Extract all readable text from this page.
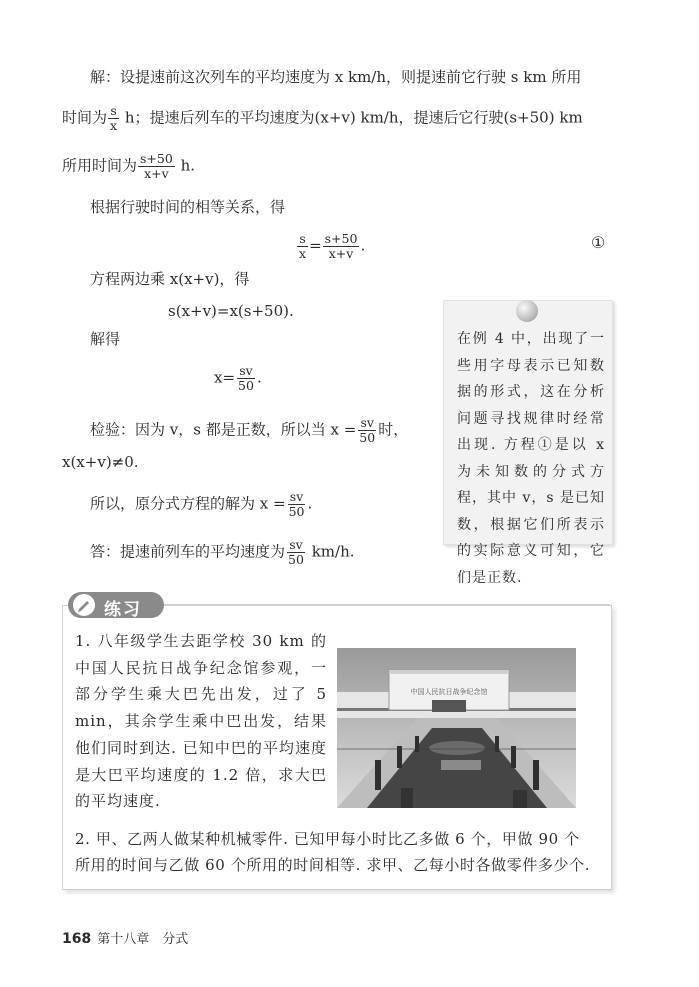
解：设提速前这次列车的平均速度为 x km/h，则提速前它行驶 s km 所用
时间为 $\frac{s}{x}$ h；提速后列车的平均速度为(x+v) km/h，提速后它行驶(s+50) km
所用时间为 $\frac{s+50}{x+v} h$.
根据行驶时间的相等关系，得
$\frac{s}{x} = \frac{s+50}{x+v}$ .	①
方程两边乘 x(x+v)，得
s(x+v)=x(s+50).
解得
$x= \frac{sv}{50}$ .
检验：因为 v，s 都是正数，所以当 $x = \frac{sv}{50}$ 时，
x(x+v)≠0.
所以，原分式方程的解为 $x = \frac{sv}{50}$ .
答：提速前列车的平均速度为 $\frac{sv}{50} km/h$.
在例 4 中，出现了一些用字母表示已知数据的形式，这在分析问题寻找规律时经常出现. 方程①是以 x 为未知数的分式方程，其中 v，s 是已知数，根据它们所表示的实际意义可知，它们是正数.
练习
1. 八年级学生去距学校 30 km 的中国人民抗日战争纪念馆参观，一部分学生乘大巴先出发，过了 5 min，其余学生乘中巴出发，结果他们同时到达. 已知中巴的平均速度是大巴平均速度的 1.2 倍，求大巴的平均速度.
中国人民抗日战争纪念馆
2. 甲、乙两人做某种机械零件. 已知甲每小时比乙多做 6 个，甲做 90 个所用的时间与乙做 60 个所用的时间相等. 求甲、乙每小时各做零件多少个.
168 第十八章　分式
